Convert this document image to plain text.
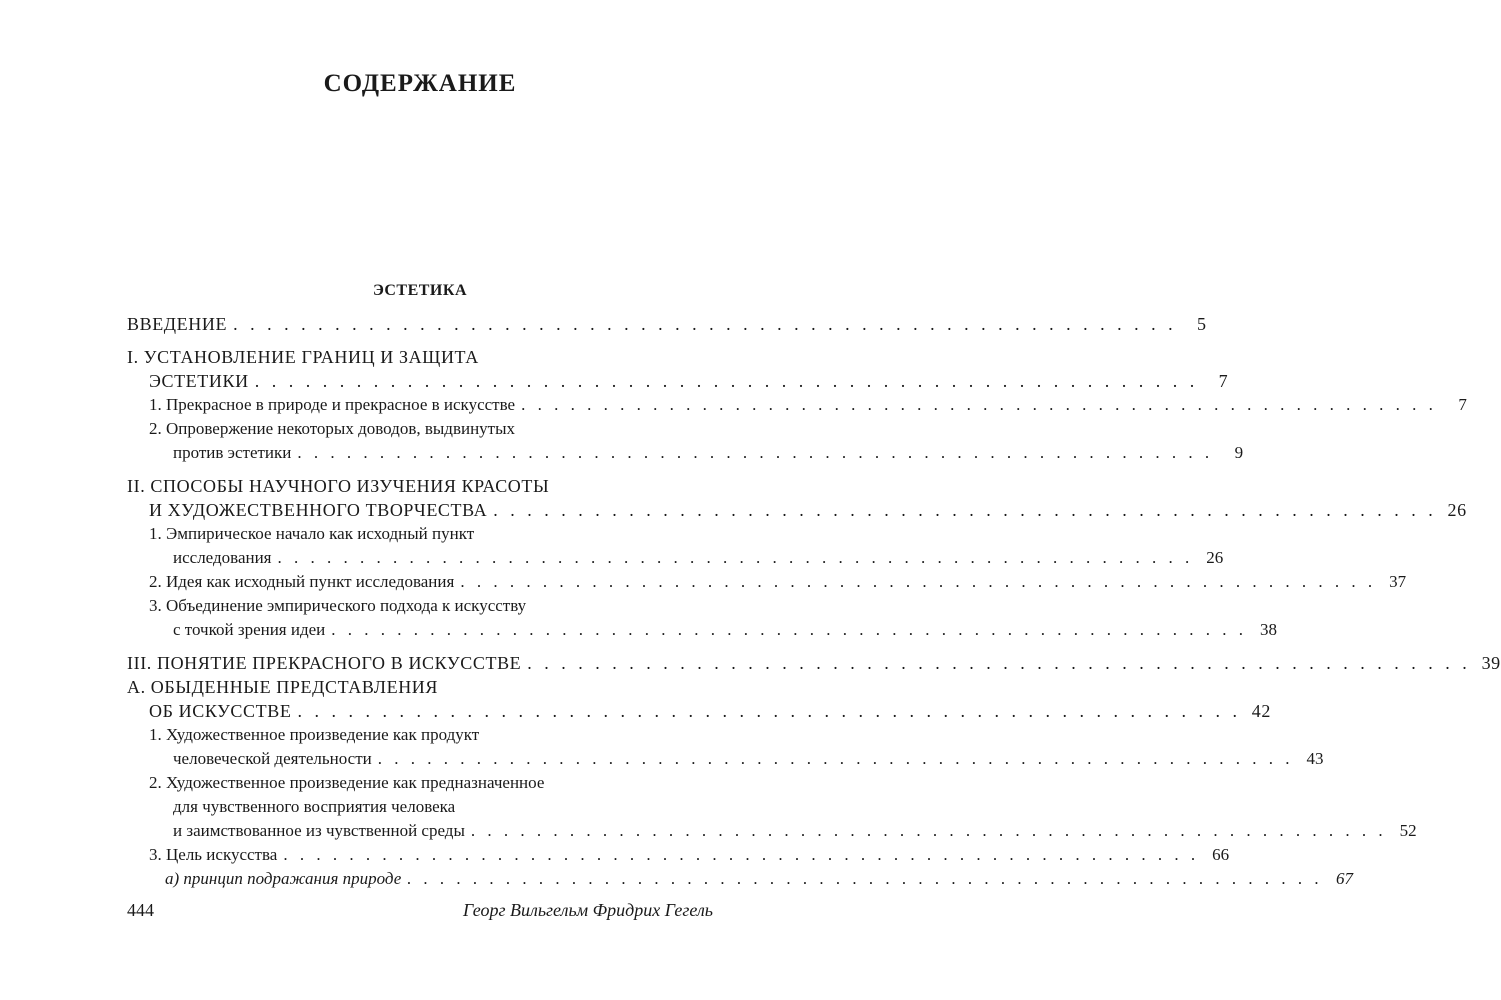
СОДЕРЖАНИЕ
ЭСТЕТИКА
ВВЕДЕНИЕ . . . . . . . . . . . . . . . . . . . . . . . . . . . . . . . . . . . . . . . . . . . . . . . . . . . . . . . .	5
I. УСТАНОВЛЕНИЕ ГРАНИЦ И ЗАЩИТА
ЭСТЕТИКИ . . . . . . . . . . . . . . . . . . . . . . . . . . . . . . . . . . . . . . . . . . . . . . . . . . . . . . . .	7
1. Прекрасное в природе и прекрасное в искусстве . . . . . . . . . . . . . . . . . . . . . . . . . . . . . . . . . . . . . . . . . . . . . . . . . . . . . . . .	7
2. Опровержение некоторых доводов, выдвинутых
против эстетики . . . . . . . . . . . . . . . . . . . . . . . . . . . . . . . . . . . . . . . . . . . . . . . . . . . . . . . .	9
II. СПОСОБЫ НАУЧНОГО ИЗУЧЕНИЯ КРАСОТЫ
И ХУДОЖЕСТВЕННОГО ТВОРЧЕСТВА . . . . . . . . . . . . . . . . . . . . . . . . . . . . . . . . . . . . . . . . . . . . . . . . . . . . . . . . 26
1. Эмпирическое начало как исходный пункт
исследования . . . . . . . . . . . . . . . . . . . . . . . . . . . . . . . . . . . . . . . . . . . . . . . . . . . . . . . . 26
2. Идея как исходный пункт исследования . . . . . . . . . . . . . . . . . . . . . . . . . . . . . . . . . . . . . . . . . . . . . . . . . . . . . . . . 37
3. Объединение эмпирического подхода к искусству
с точкой зрения идеи . . . . . . . . . . . . . . . . . . . . . . . . . . . . . . . . . . . . . . . . . . . . . . . . . . . . . . . . 38
III. ПОНЯТИЕ ПРЕКРАСНОГО В ИСКУССТВЕ . . . . . . . . . . . . . . . . . . . . . . . . . . . . . . . . . . . . . . . . . . . . . . . . . . . . . . . . 39
А. ОБЫДЕННЫЕ ПРЕДСТАВЛЕНИЯ
ОБ ИСКУССТВЕ . . . . . . . . . . . . . . . . . . . . . . . . . . . . . . . . . . . . . . . . . . . . . . . . . . . . . . . . 42
1. Художественное произведение как продукт
человеческой деятельности . . . . . . . . . . . . . . . . . . . . . . . . . . . . . . . . . . . . . . . . . . . . . . . . . . . . . . . . 43
2. Художественное произведение как предназначенное
для чувственного восприятия человека
и заимствованное из чувственной среды . . . . . . . . . . . . . . . . . . . . . . . . . . . . . . . . . . . . . . . . . . . . . . . . . . . . . . . . 52
3. Цель искусства . . . . . . . . . . . . . . . . . . . . . . . . . . . . . . . . . . . . . . . . . . . . . . . . . . . . . . . . 66
а) принцип подражания природе . . . . . . . . . . . . . . . . . . . . . . . . . . . . . . . . . . . . . . . . . . . . . . . . . . . . . . . . 67
444	Георг Вильгельм Фридрих Гегель
